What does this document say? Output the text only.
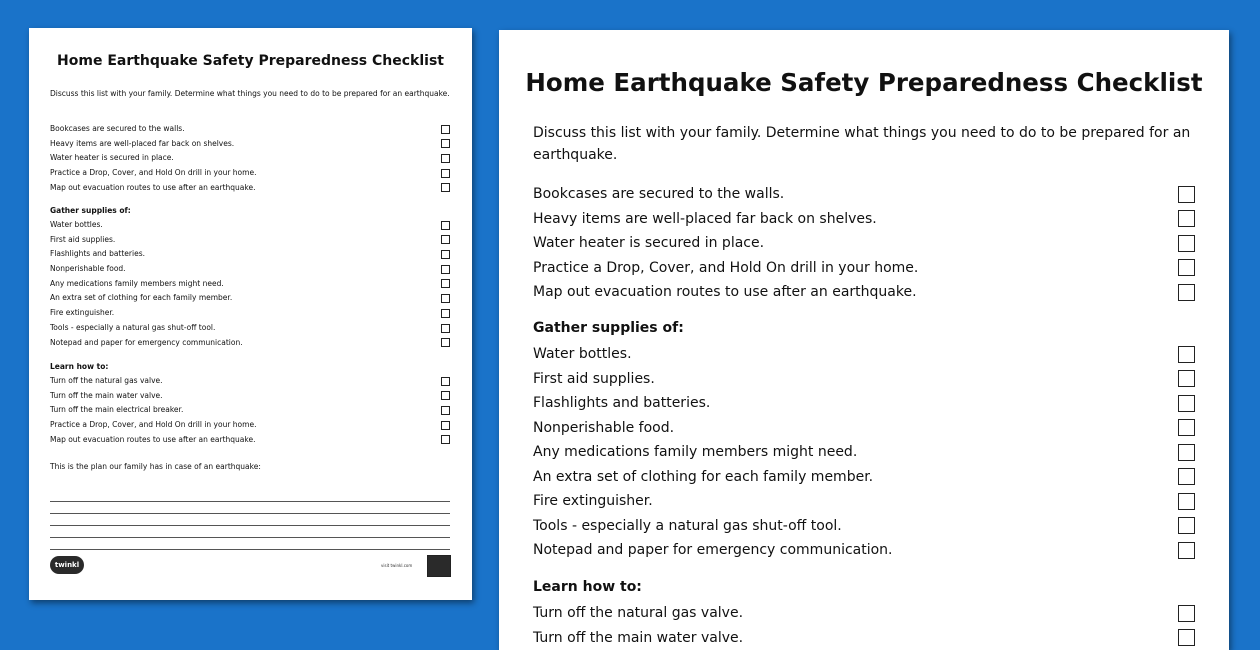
Home Earthquake Safety Preparedness Checklist
Discuss this list with your family. Determine what things you need to do to be prepared for an earthquake.
Bookcases are secured to the walls.
Heavy items are well-placed far back on shelves.
Water heater is secured in place.
Practice a Drop, Cover, and Hold On drill in your home.
Map out evacuation routes to use after an earthquake.
Gather supplies of:
Water bottles.
First aid supplies.
Flashlights and batteries.
Nonperishable food.
Any medications family members might need.
An extra set of clothing for each family member.
Fire extinguisher.
Tools - especially a natural gas shut-off tool.
Notepad and paper for emergency communication.
Learn how to:
Turn off the natural gas valve.
Turn off the main water valve.
Turn off the main electrical breaker.
Practice a Drop, Cover, and Hold On drill in your home.
Map out evacuation routes to use after an earthquake.
This is the plan our family has in case of an earthquake:
twinkl	visit twinkl.com
Home Earthquake Safety Preparedness Checklist
Discuss this list with your family. Determine what things you need to do to be prepared for an earthquake.
Bookcases are secured to the walls.
Heavy items are well-placed far back on shelves.
Water heater is secured in place.
Practice a Drop, Cover, and Hold On drill in your home.
Map out evacuation routes to use after an earthquake.
Gather supplies of:
Water bottles.
First aid supplies.
Flashlights and batteries.
Nonperishable food.
Any medications family members might need.
An extra set of clothing for each family member.
Fire extinguisher.
Tools - especially a natural gas shut-off tool.
Notepad and paper for emergency communication.
Learn how to:
Turn off the natural gas valve.
Turn off the main water valve.
